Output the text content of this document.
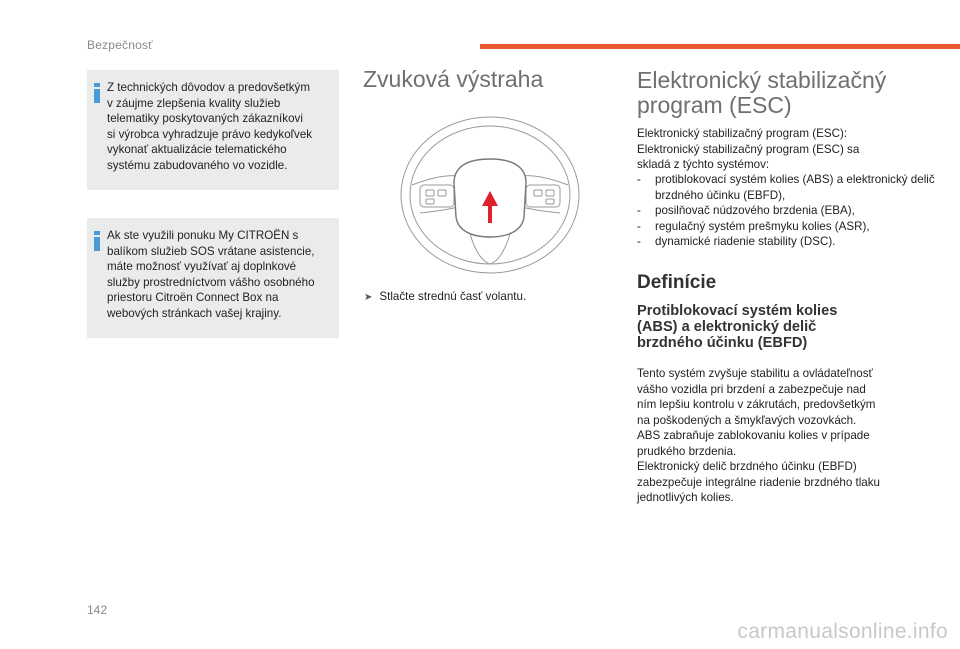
Bezpečnosť

Z technických dôvodov a predovšetkým
v záujme zlepšenia kvality služieb
telematiky poskytovaných zákazníkovi
si výrobca vyhradzuje právo kedykoľvek
vykonať aktualizácie telematického
systému zabudovaného vo vozidle.

Ak ste využili ponuku My CITROËN s
balíkom služieb SOS vrátane asistencie,
máte možnosť využívať aj doplnkové
služby prostredníctvom vášho osobného
priestoru Citroën Connect Box na
webových stránkach vašej krajiny.

Zvuková výstraha
➤ Stlačte strednú časť volantu.
Elektronický stabilizačný program (ESC)

Elektronický stabilizačný program (ESC):
Elektronický stabilizačný program (ESC) sa
skladá z týchto systémov:

- protiblokovací systém kolies (ABS) a elektronický delič brzdného účinku (EBFD),
- posilňovač núdzového brzdenia (EBA),
- regulačný systém prešmyku kolies (ASR),
- dynamické riadenie stability (DSC).
Definície
Protiblokovací systém kolies (ABS) a elektronický delič brzdného účinku (EBFD)

Tento systém zvyšuje stabilitu a ovládateľnosť
vášho vozidla pri brzdení a zabezpečuje nad
ním lepšiu kontrolu v zákrutách, predovšetkým
na poškodených a šmykľavých vozovkách.
ABS zabraňuje zablokovaniu kolies v prípade
prudkého brzdenia.
Elektronický delič brzdného účinku (EBFD)
zabezpečuje integrálne riadenie brzdného tlaku
jednotlivých kolies.

142
carmanualsonline.info
